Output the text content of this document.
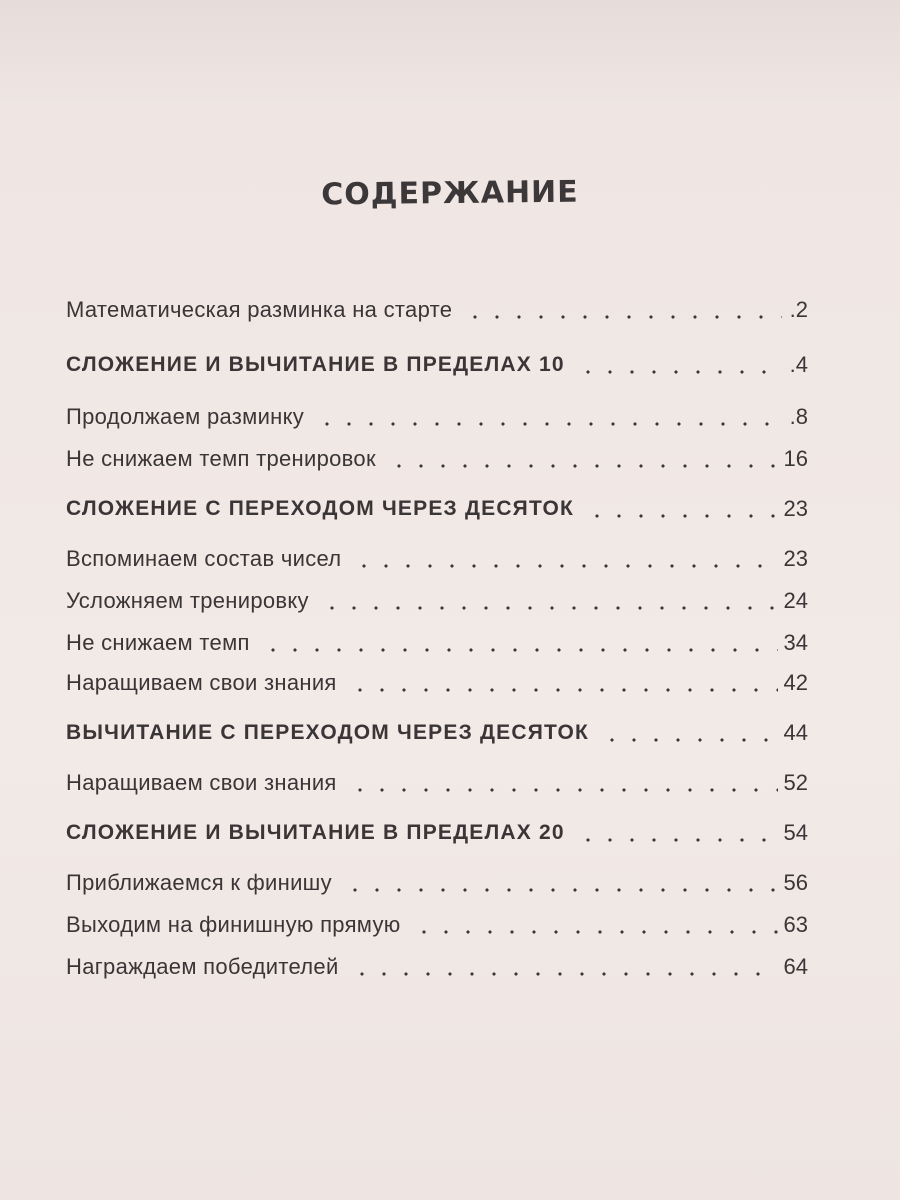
СОДЕРЖАНИЕ
Математическая разминка на старте	.2
СЛОЖЕНИЕ И ВЫЧИТАНИЕ В ПРЕДЕЛАХ 10	.4
Продолжаем разминку	.8
Не снижаем темп тренировок	16
СЛОЖЕНИЕ С ПЕРЕХОДОМ ЧЕРЕЗ ДЕСЯТОК	23
Вспоминаем состав чисел	23
Усложняем тренировку	24
Не снижаем темп	34
Наращиваем свои знания	42
ВЫЧИТАНИЕ С ПЕРЕХОДОМ ЧЕРЕЗ ДЕСЯТОК	44
Наращиваем свои знания	52
СЛОЖЕНИЕ И ВЫЧИТАНИЕ В ПРЕДЕЛАХ 20	54
Приближаемся к финишу	56
Выходим на финишную прямую	63
Награждаем победителей	64
